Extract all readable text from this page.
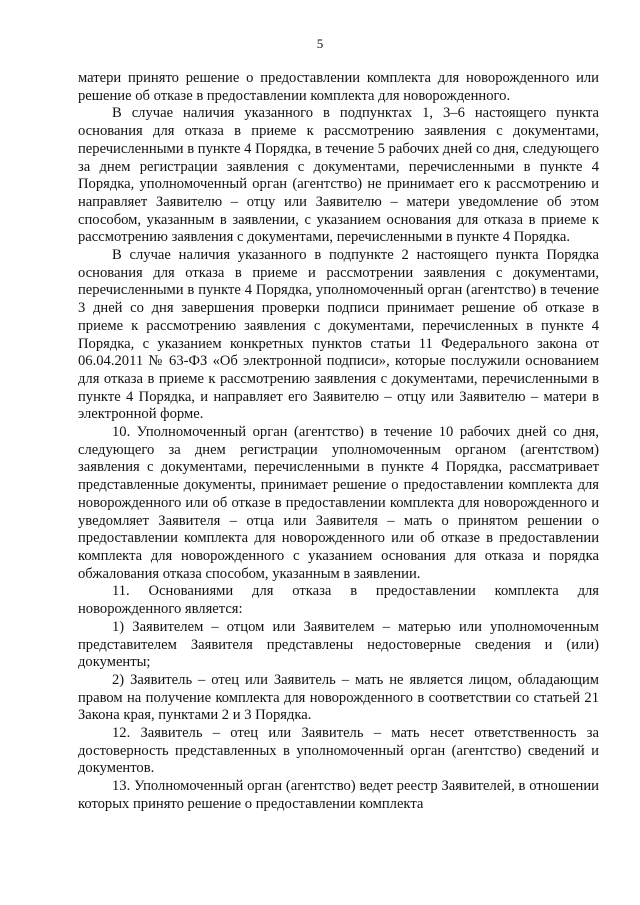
5

матери принято решение о предоставлении комплекта для новорожденного или решение об отказе в предоставлении комплекта для новорожденного.

В случае наличия указанного в подпунктах 1, 3–6 настоящего пункта основания для отказа в приеме к рассмотрению заявления с документами, перечисленными в пункте 4 Порядка, в течение 5 рабочих дней со дня, следующего за днем регистрации заявления с документами, перечисленными в пункте 4 Порядка, уполномоченный орган (агентство) не принимает его к рассмотрению и направляет Заявителю – отцу или Заявителю – матери уведомление об этом способом, указанным в заявлении, с указанием основания для отказа в приеме к рассмотрению заявления с документами, перечисленными в пункте 4 Порядка.

В случае наличия указанного в подпункте 2 настоящего пункта Порядка основания для отказа в приеме и рассмотрении заявления с документами, перечисленными в пункте 4 Порядка, уполномоченный орган (агентство) в течение 3 дней со дня завершения проверки подписи принимает решение об отказе в приеме к рассмотрению заявления с документами, перечисленных в пункте 4 Порядка, с указанием конкретных пунктов статьи 11 Федерального закона от 06.04.2011 № 63-ФЗ «Об электронной подписи», которые послужили основанием для отказа в приеме к рассмотрению заявления с документами, перечисленными в пункте 4 Порядка, и направляет его Заявителю – отцу или Заявителю – матери в электронной форме.

10. Уполномоченный орган (агентство) в течение 10 рабочих дней со дня, следующего за днем регистрации уполномоченным органом (агентством) заявления с документами, перечисленными в пункте 4 Порядка, рассматривает представленные документы, принимает решение о предоставлении комплекта для новорожденного или об отказе в предоставлении комплекта для новорожденного и уведомляет Заявителя – отца или Заявителя – мать о принятом решении о предоставлении комплекта для новорожденного или об отказе в предоставлении комплекта для новорожденного с указанием основания для отказа и порядка обжалования отказа способом, указанным в заявлении.

11. Основаниями для отказа в предоставлении комплекта для новорожденного является:

1) Заявителем – отцом или Заявителем – матерью или уполномоченным представителем Заявителя представлены недостоверные сведения и (или) документы;

2) Заявитель – отец или Заявитель – мать не является лицом, обладающим правом на получение комплекта для новорожденного в соответствии со статьей 21 Закона края, пунктами 2 и 3 Порядка.

12. Заявитель – отец или Заявитель – мать несет ответственность за достоверность представленных в уполномоченный орган (агентство) сведений и документов.

13. Уполномоченный орган (агентство) ведет реестр Заявителей, в отношении которых принято решение о предоставлении комплекта
